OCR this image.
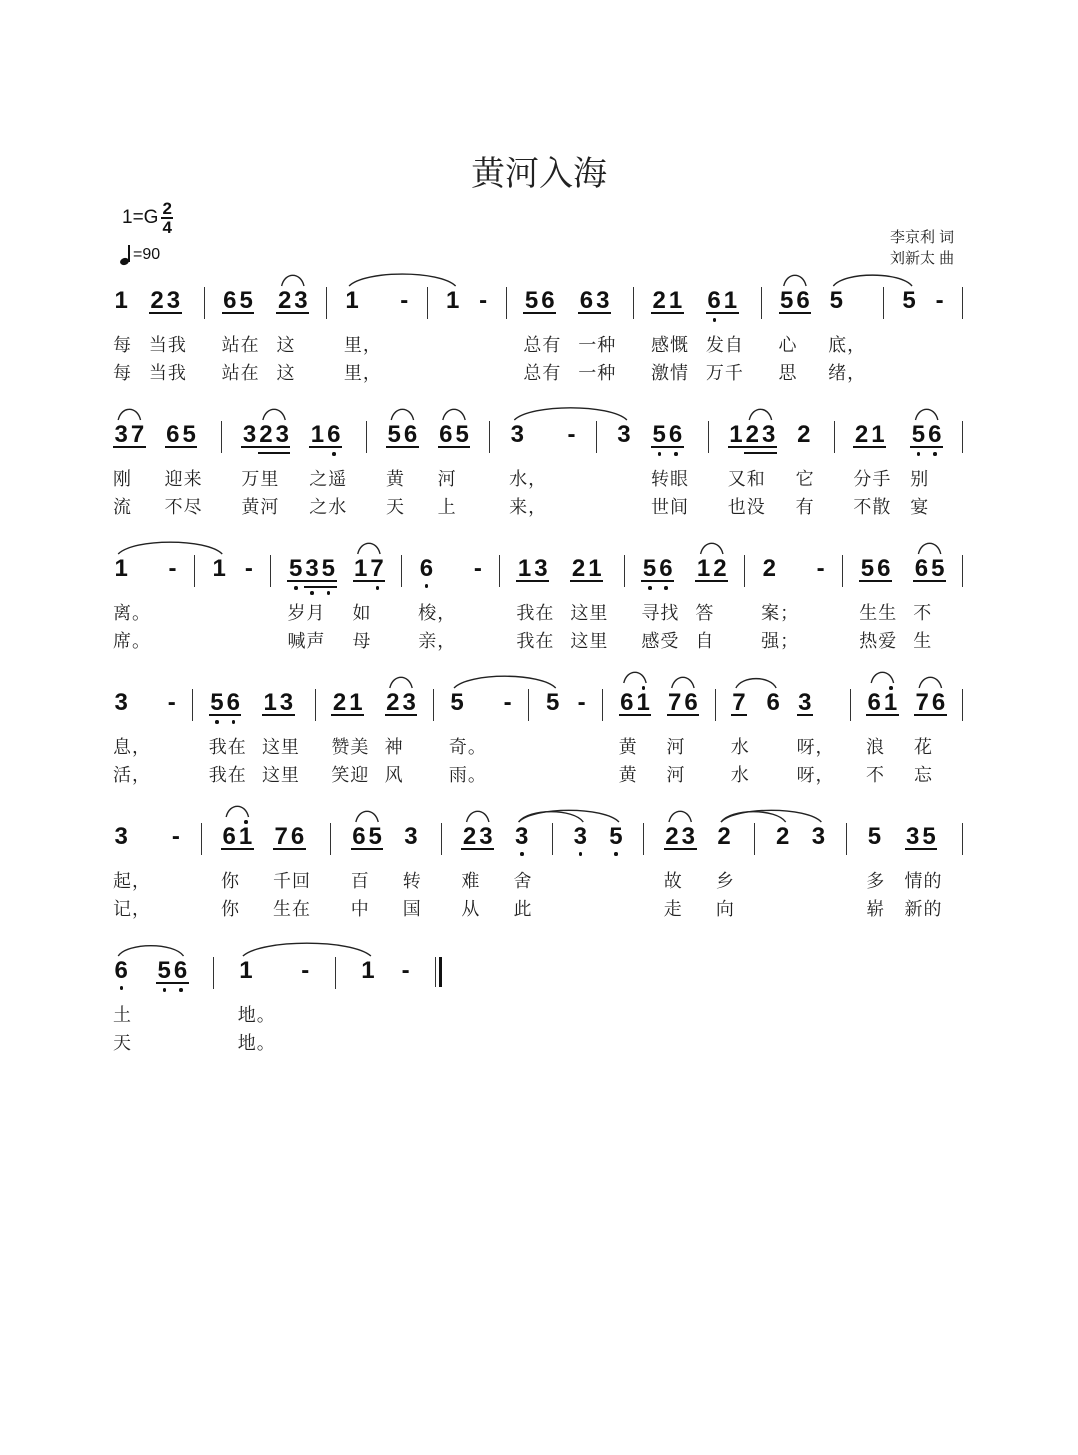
黄河入海
$1=G \frac{2}{4}$
=90
李京利 词
刘新太 曲
1
每
每
2 3
当我
当我
6 5
站在
站在
2 3
这
这
1
里，
里，
- 1 - 5 6
总有
总有
6 3
一种
一种
2 1
感慨
激情
6 1
发自
万千
5 6
心
思
5
底，
绪，
5 -
3 7
刚
流
6 5
迎来
不尽
3 2 3
万里
黄河
1 6
之遥
之水
5 6
黄
天
6 5
河
上
3
水，
来，
- 3 5 6
转眼
世间
1 2 3
又和
也没
2
它
有
2 1
分手
不散
5 6
别
宴
1
离。
席。
- 1 - 5 3 5
岁月
喊声
1 7
如
母
6
梭，
亲，
- 1 3
我在
我在
2 1
这里
这里
5 6
寻找
感受
1 2
答
自
2
案；
强；
- 5 6
生生
热爱
6 5
不
生
3
息，
活，
- 5 6
我在
我在
1 3
这里
这里
2 1
赞美
笑迎
2 3
神
风
5
奇。
雨。
- 5 - 6 1
黄
黄
7 6
河
河
7
水
水
6 3
呀，
呀，
6 1
浪
不
7 6
花
忘
3
起，
记，
- 6 1
你
你
7 6
千回
生在
6 5
百
中
3
转
国
2 3
难
从
3
舍
此
3 5 2 3
故
走
2
乡
向
2 3 5
多
崭
3 5
情的
新的
6
土
天
5 6 1
地。
地。
- 1 -
